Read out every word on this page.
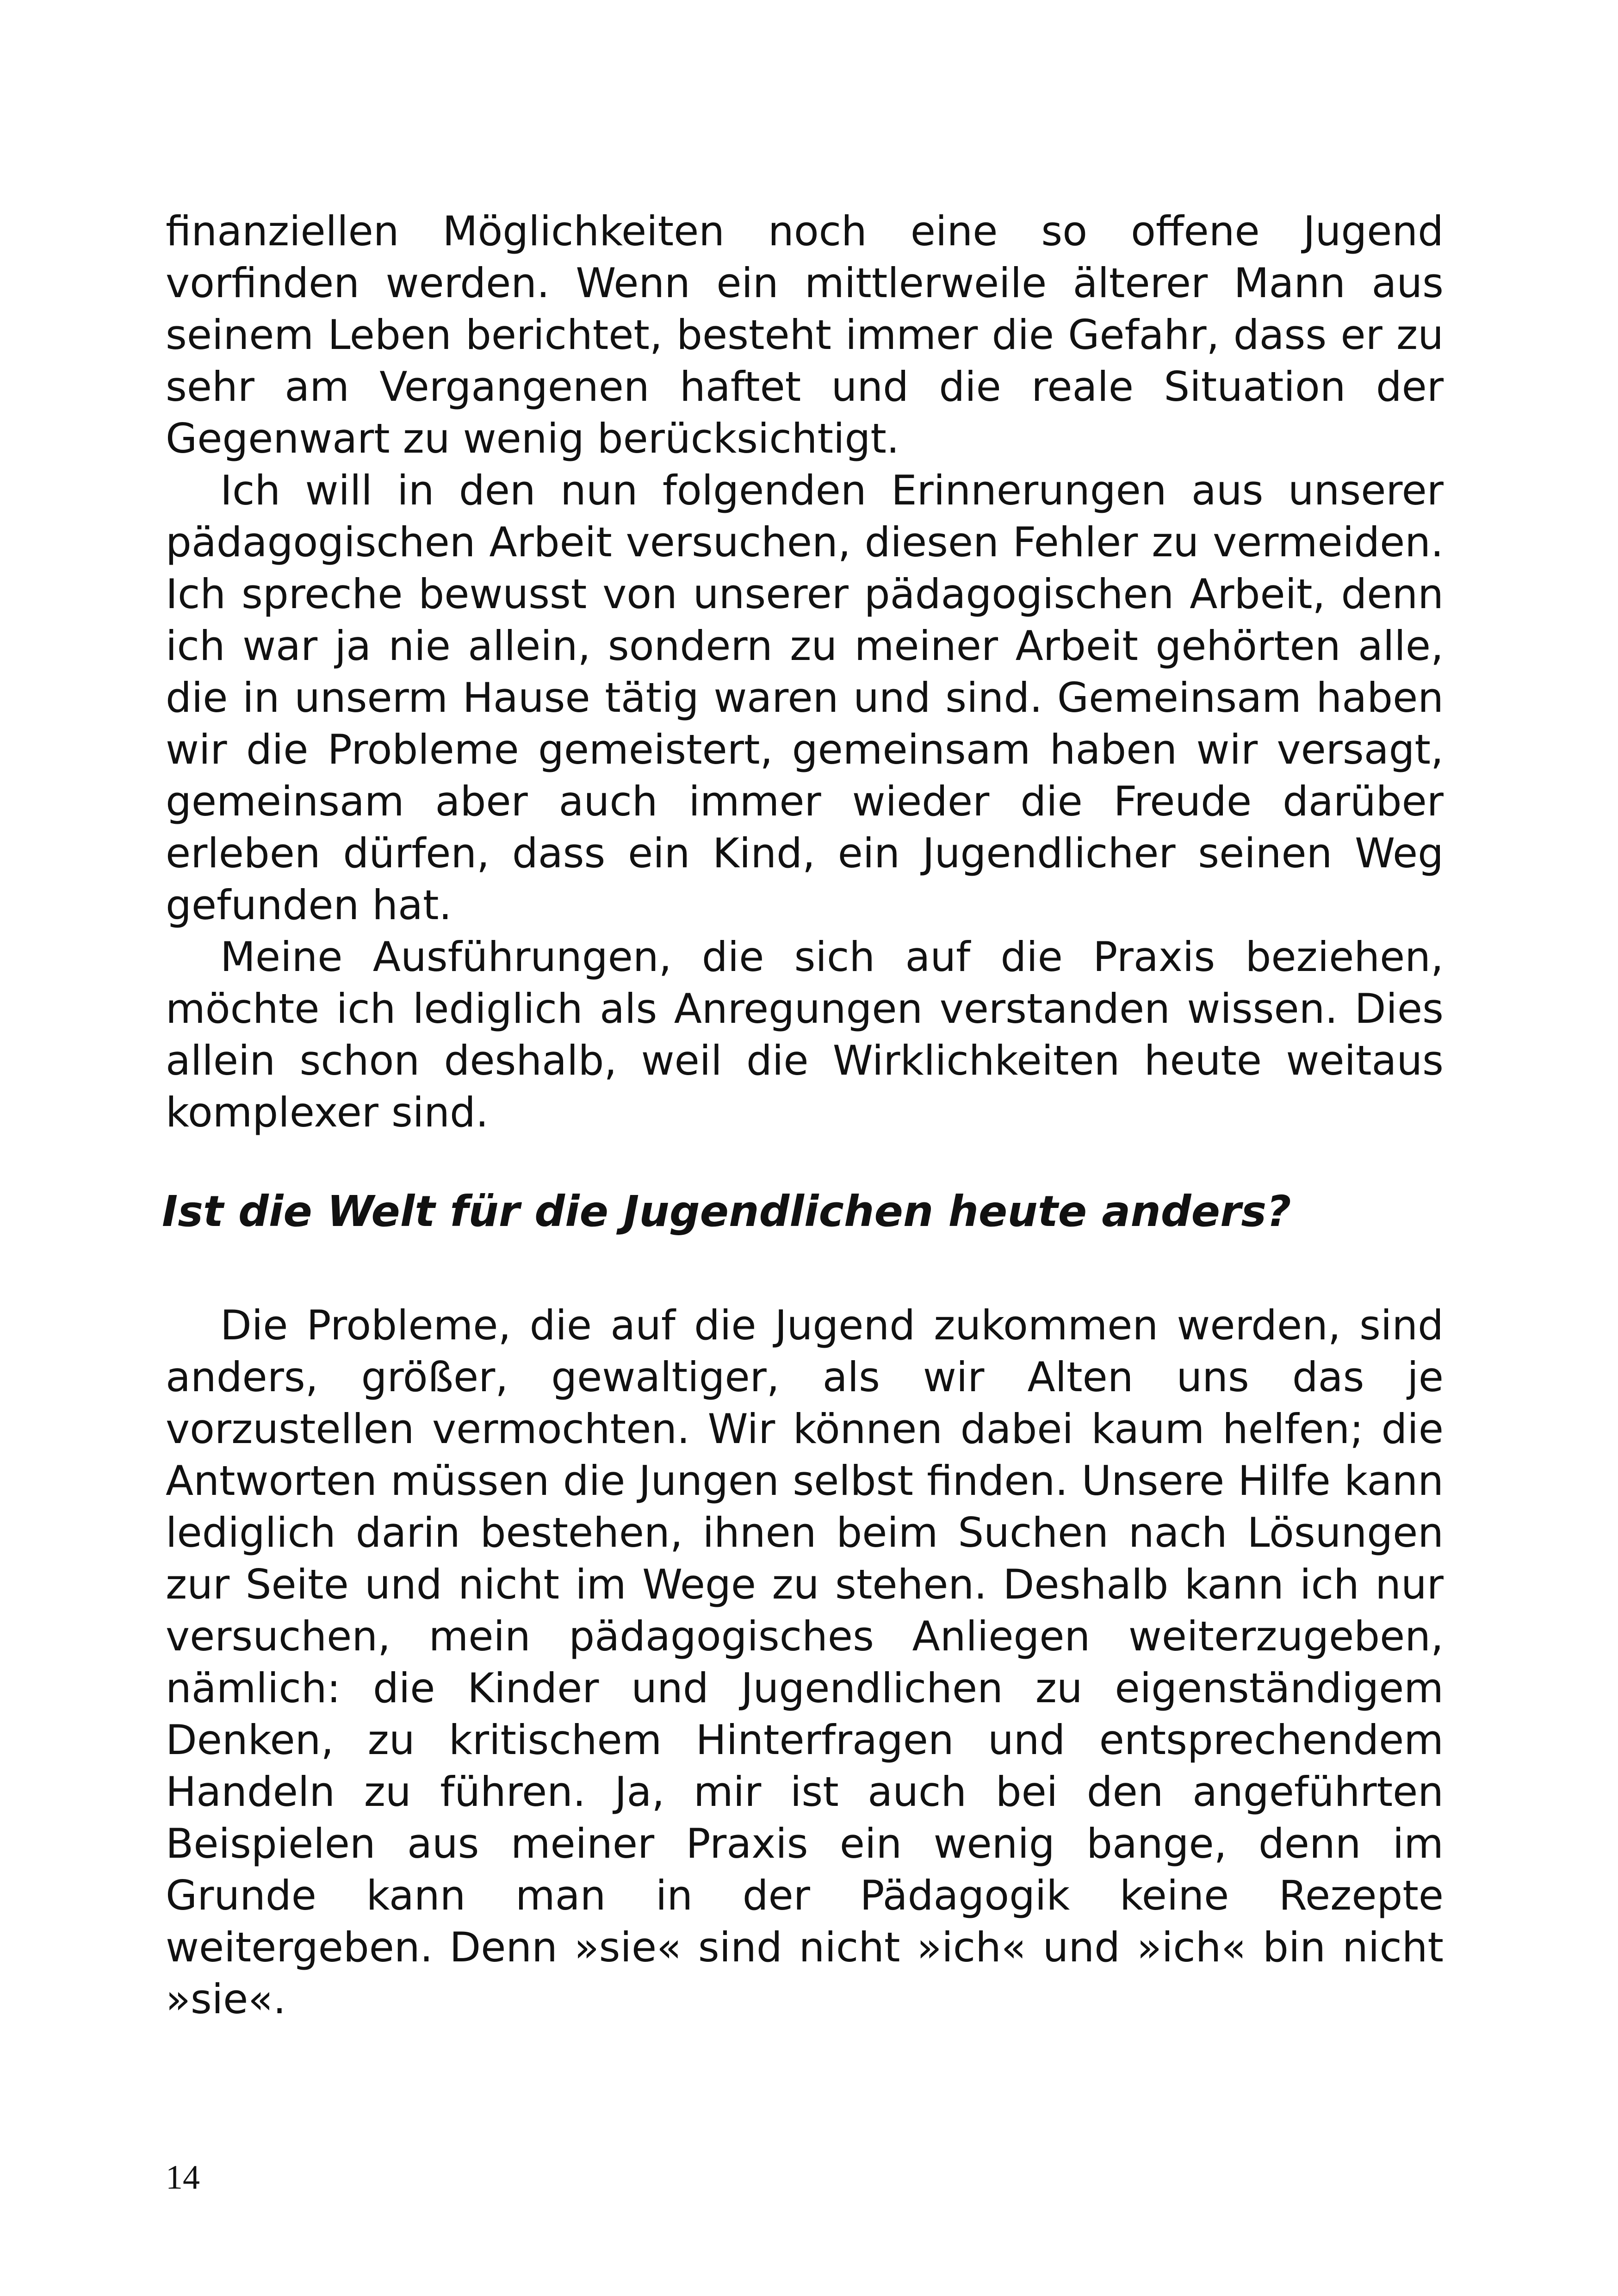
finanziellen Möglichkeiten noch eine so offene Jugend vorfinden werden. Wenn ein mittlerweile älterer Mann aus seinem Leben berichtet, besteht immer die Gefahr, dass er zu sehr am Vergangenen haftet und die reale Situation der Gegenwart zu wenig berücksichtigt.

Ich will in den nun folgenden Erinnerungen aus unserer pädagogischen Arbeit versuchen, diesen Fehler zu vermeiden. Ich spreche bewusst von unserer pädagogischen Arbeit, denn ich war ja nie allein, sondern zu meiner Arbeit gehörten alle, die in unserm Hause tätig waren und sind. Gemeinsam haben wir die Probleme gemeistert, gemeinsam haben wir versagt, gemeinsam aber auch immer wieder die Freude darüber erleben dürfen, dass ein Kind, ein Jugendlicher seinen Weg gefunden hat.

Meine Ausführungen, die sich auf die Praxis beziehen, möchte ich lediglich als Anregungen verstanden wissen. Dies allein schon deshalb, weil die Wirklichkeiten heute weitaus komplexer sind.

Ist die Welt für die Jugendlichen heute anders?

Die Probleme, die auf die Jugend zukommen werden, sind anders, größer, gewaltiger, als wir Alten uns das je vorzustellen vermochten. Wir können dabei kaum helfen; die Antworten müssen die Jungen selbst finden. Unsere Hilfe kann lediglich darin bestehen, ihnen beim Suchen nach Lösungen zur Seite und nicht im Wege zu stehen. Deshalb kann ich nur versuchen, mein pädagogisches Anliegen weiterzugeben, nämlich: die Kinder und Jugendlichen zu eigenständigem Denken, zu kritischem Hinterfragen und entsprechendem Handeln zu führen. Ja, mir ist auch bei den angeführten Beispielen aus meiner Praxis ein wenig bange, denn im Grunde kann man in der Pädagogik keine Rezepte weitergeben. Denn »sie« sind nicht »ich« und »ich« bin nicht »sie«.

14
